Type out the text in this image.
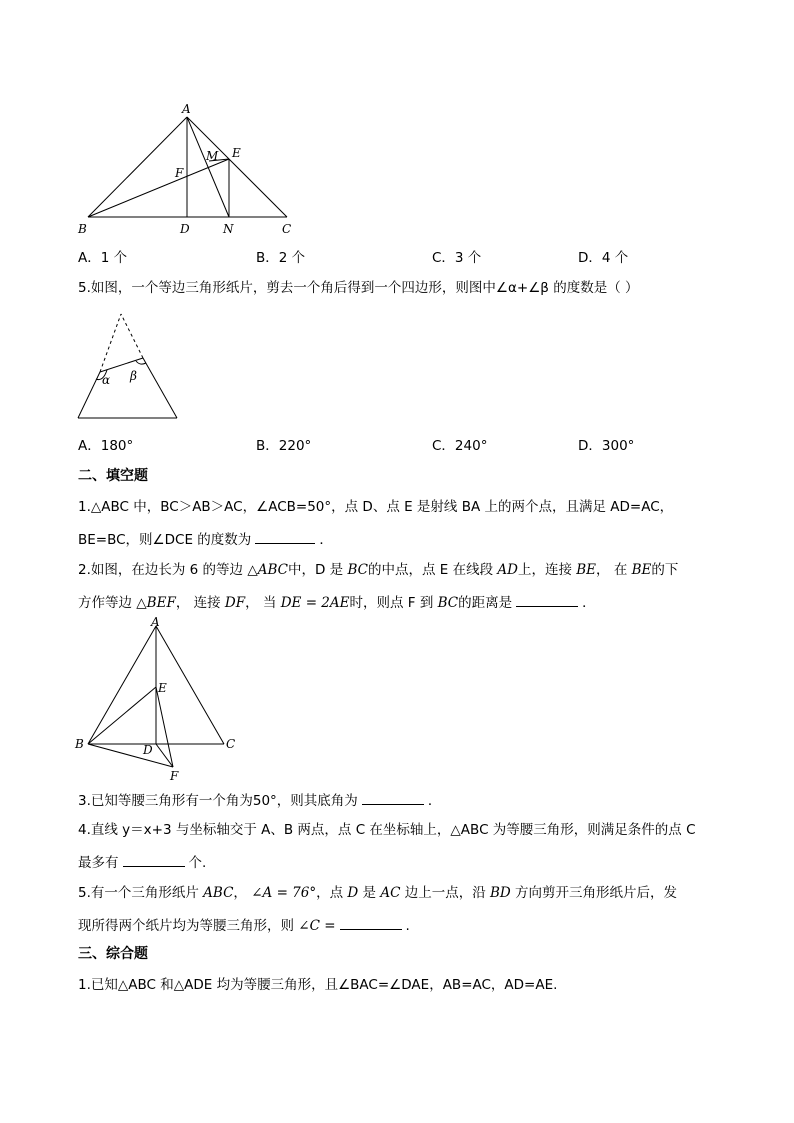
A
B	C
D
E
F
M
N
A．1 个	B．2 个	C．3 个	D．4 个
5.如图，一个等边三角形纸片，剪去一个角后得到一个四边形，则图中∠α+∠β 的度数是（ ）
α β
A．180°	B．220°	C．240°	D．300°
二、填空题
1.△ABC 中，BC＞AB＞AC，∠ACB=50°，点 D、点 E 是射线 BA 上的两个点，且满足 AD=AC，
BE=BC，则∠DCE 的度数为	．
2.如图，在边长为 6 的等边 △ABC中，D 是 BC的中点，点 E 在线段 AD上，连接 BE， 在 BE的下
方作等边 △BEF， 连接 DF， 当 DE = 2AE时，则点 F 到 BC的距离是	．
A
B	C
D
E
F
3.已知等腰三角形有一个角为50°，则其底角为	．
4.直线 y＝x+3 与坐标轴交于 A、B 两点，点 C 在坐标轴上，△ABC 为等腰三角形，则满足条件的点 C
最多有	个.
5.有一个三角形纸片 ABC， ∠A = 76°，点 D 是 AC 边上一点，沿 BD 方向剪开三角形纸片后，发
现所得两个纸片均为等腰三角形，则 ∠C =	.
三、综合题
1.已知△ABC 和△ADE 均为等腰三角形，且∠BAC=∠DAE，AB=AC，AD=AE.
